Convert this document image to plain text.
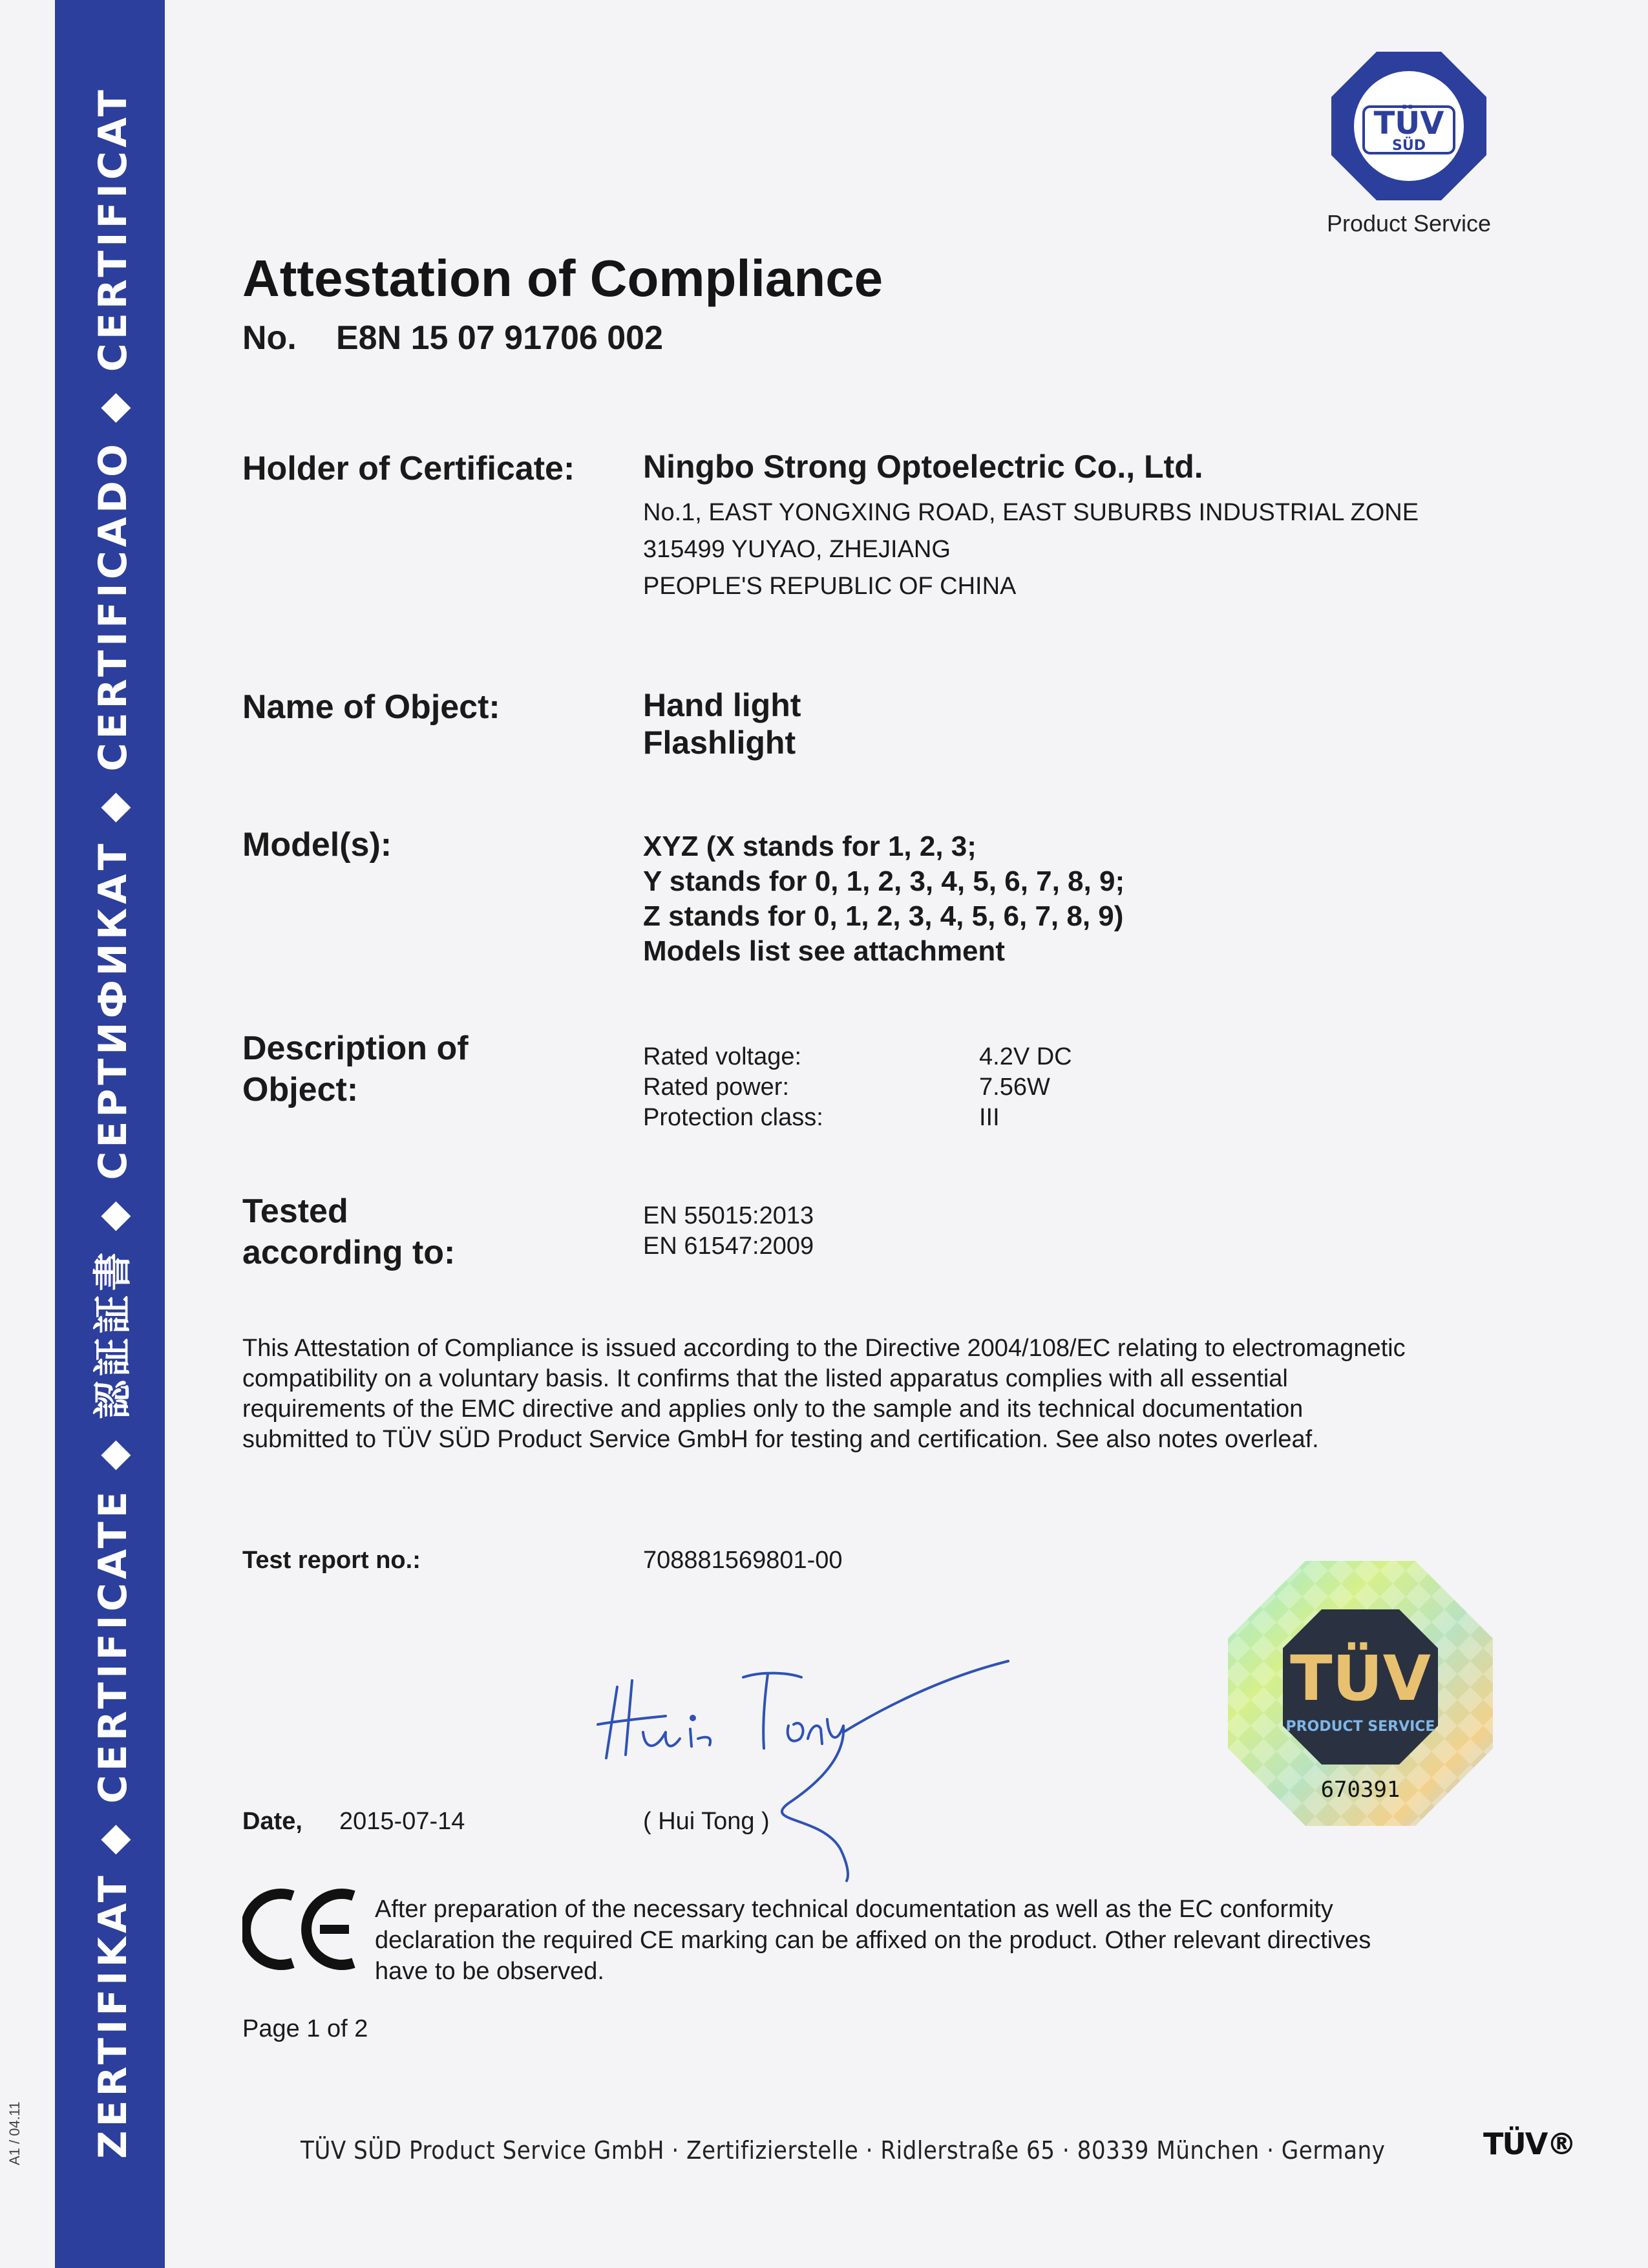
ZERTIFIKAT ◆ CERTIFICATE ◆ 認証証書 ◆ СЕРТИФИКАТ ◆ CERTIFICADO ◆ CERTIFICAT
A1 / 04.11
TÜV
SÜD
Product Service
Attestation of Compliance
No. E8N 15 07 91706 002
Holder of Certificate: Ningbo Strong Optoelectric Co., Ltd.
No.1, EAST YONGXING ROAD, EAST SUBURBS INDUSTRIAL ZONE
315499 YUYAO, ZHEJIANG
PEOPLE'S REPUBLIC OF CHINA
Name of Object:	Hand light
Flashlight
Model(s):	XYZ (X stands for 1, 2, 3;
Y stands for 0, 1, 2, 3, 4, 5, 6, 7, 8, 9;
Z stands for 0, 1, 2, 3, 4, 5, 6, 7, 8, 9)
Models list see attachment
Description of
Object:
Rated voltage:	4.2V DC
Rated power:	7.56W
Protection class:	III
Tested
according to:
EN 55015:2013
EN 61547:2009
This Attestation of Compliance is issued according to the Directive 2004/108/EC relating to electromagnetic compatibility on a voluntary basis. It confirms that the listed apparatus complies with all essential requirements of the EMC directive and applies only to the sample and its technical documentation submitted to TÜV SÜD Product Service GmbH for testing and certification. See also notes overleaf.
Test report no.:	708881569801-00
Date, 2015-07-14	( Hui Tong )
TÜV
PRODUCT SERVICE
670391
After preparation of the necessary technical documentation as well as the EC conformity declaration the required CE marking can be affixed on the product. Other relevant directives have to be observed.
Page 1 of 2
TÜV SÜD Product Service GmbH · Zertifizierstelle · Ridlerstraße 65 · 80339 München · Germany	TÜV®
